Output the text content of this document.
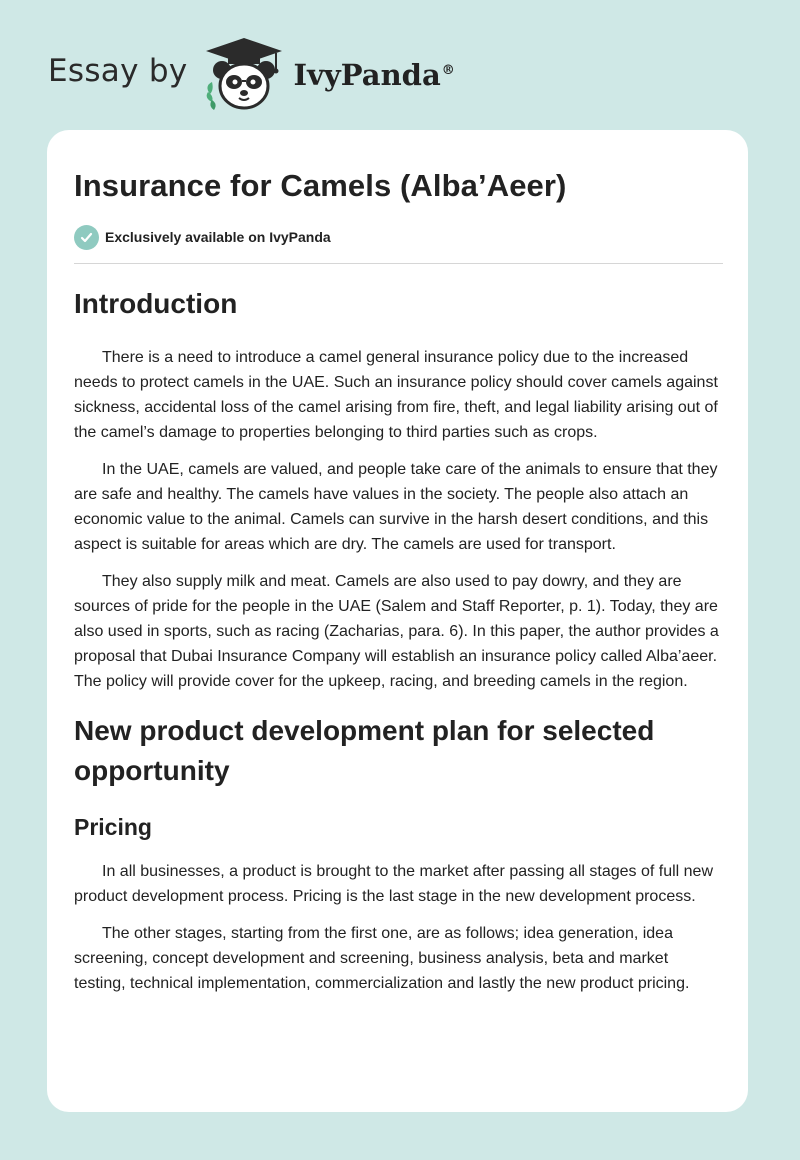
Essay by	IvyPanda®
Insurance for Camels (Alba’Aeer)
Exclusively available on IvyPanda
Introduction

There is a need to introduce a camel general insurance policy due to the increased needs to protect camels in the UAE. Such an insurance policy should cover camels against sickness, accidental loss of the camel arising from fire, theft, and legal liability arising out of the camel’s damage to properties belonging to third parties such as crops.

In the UAE, camels are valued, and people take care of the animals to ensure that they are safe and healthy. The camels have values in the society. The people also attach an economic value to the animal. Camels can survive in the harsh desert conditions, and this aspect is suitable for areas which are dry. The camels are used for transport.

They also supply milk and meat. Camels are also used to pay dowry, and they are sources of pride for the people in the UAE (Salem and Staff Reporter, p. 1). Today, they are also used in sports, such as racing (Zacharias, para. 6). In this paper, the author provides a proposal that Dubai Insurance Company will establish an insurance policy called Alba’aeer. The policy will provide cover for the upkeep, racing, and breeding camels in the region.

New product development plan for selected opportunity
Pricing

In all businesses, a product is brought to the market after passing all stages of full new product development process. Pricing is the last stage in the new development process.

The other stages, starting from the first one, are as follows; idea generation, idea screening, concept development and screening, business analysis, beta and market testing, technical implementation, commercialization and lastly the new product pricing.
